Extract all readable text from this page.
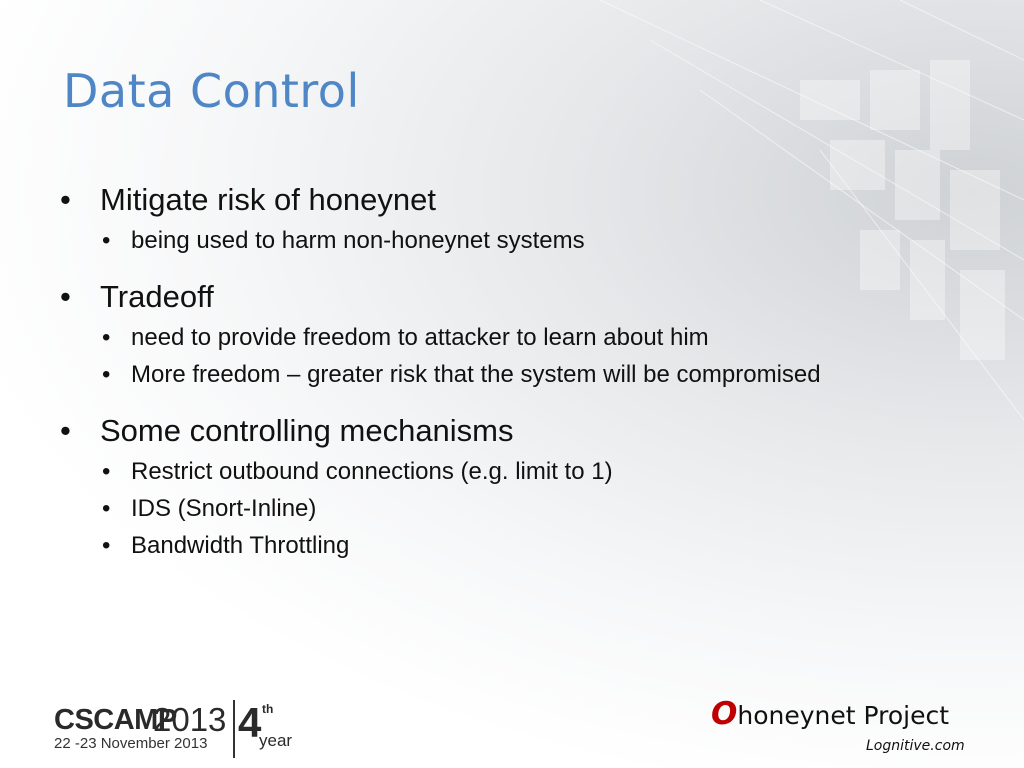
Data Control
• Mitigate risk of honeynet
• being used to harm non-honeynet systems
• Tradeoff
• need to provide freedom to attacker to learn about him
• More freedom – greater risk that the system will be compromised
• Some controlling mechanisms
• Restrict outbound connections (e.g. limit to 1)
• IDS (Snort-Inline)
• Bandwidth Throttling
CSCAMP
2013
22 -23 November 2013 4 th
year
Ohoneynet Project
Lognitive.com
